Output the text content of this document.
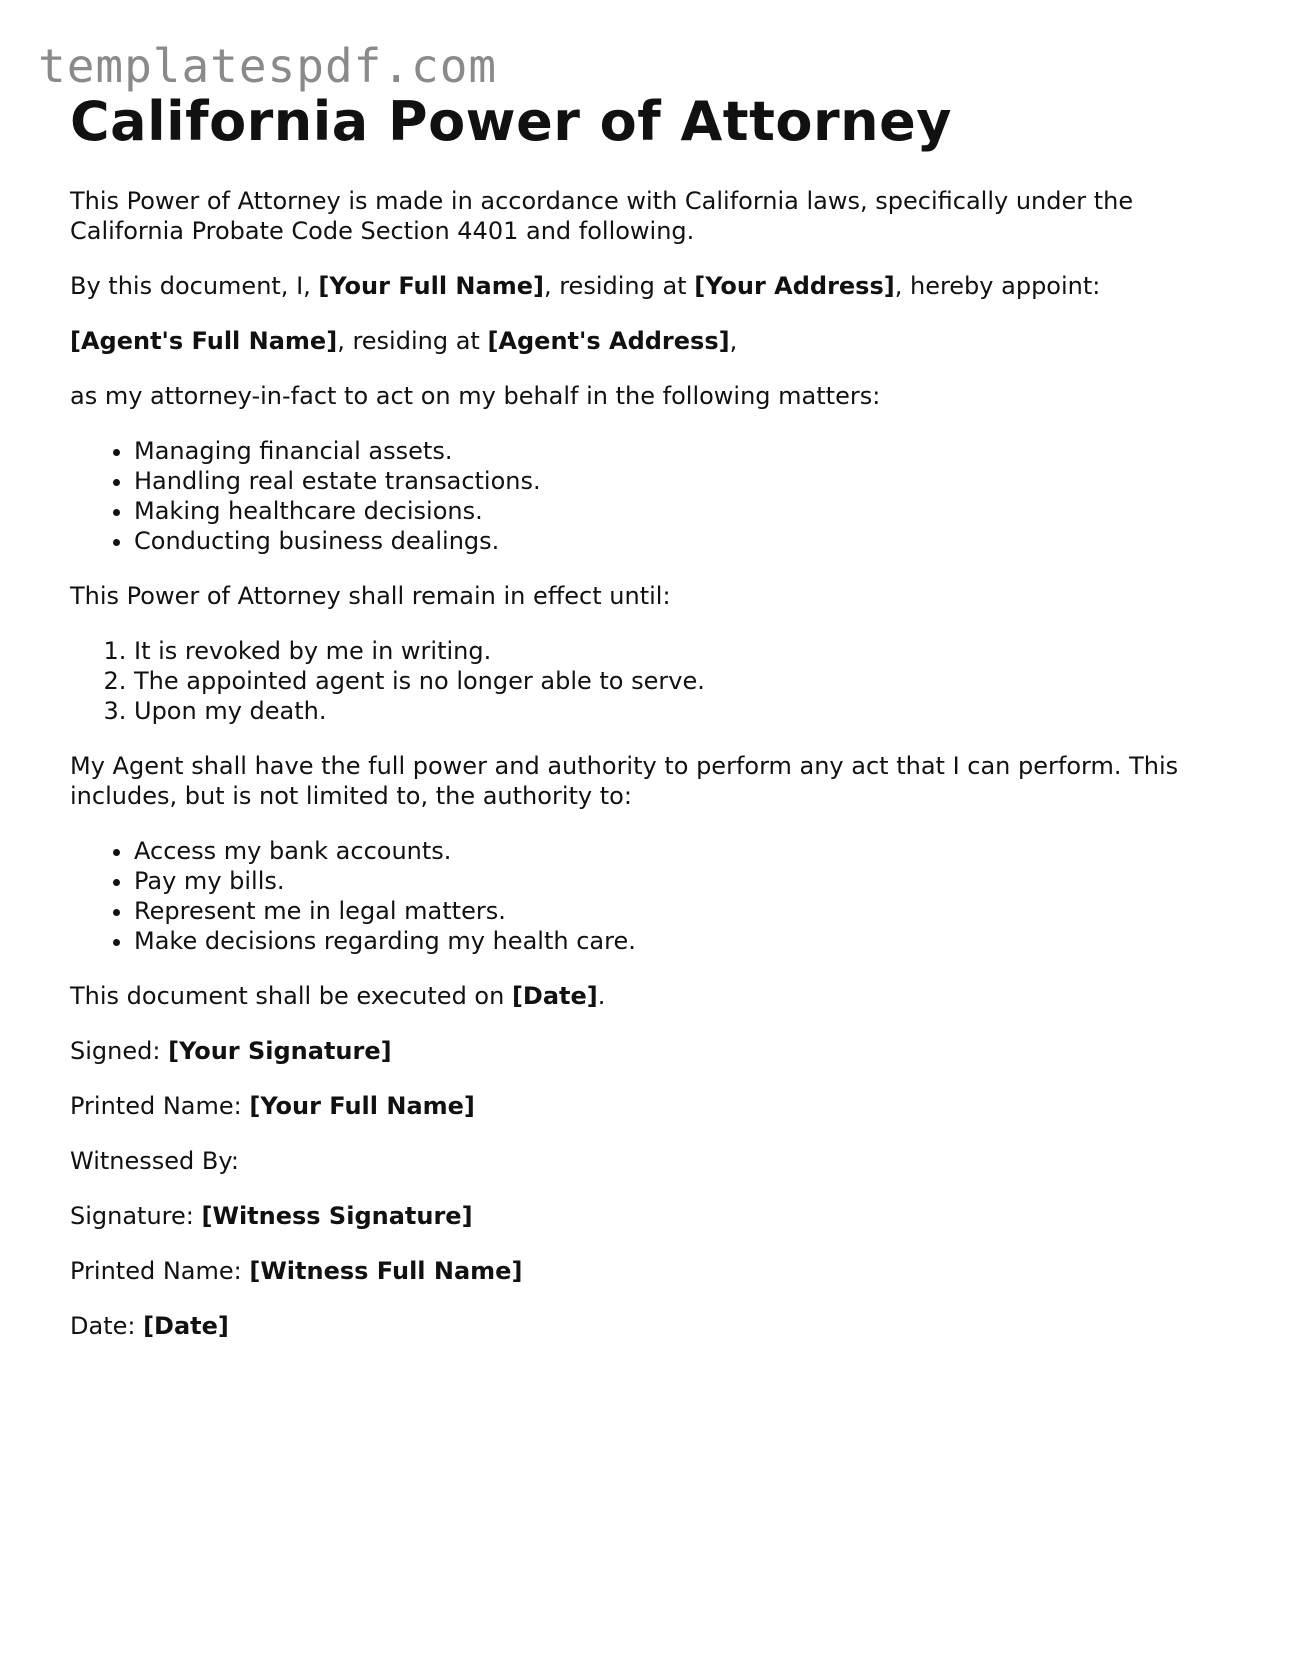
templatespdf.com
California Power of Attorney

This Power of Attorney is made in accordance with California laws, specifically under the California Probate Code Section 4401 and following.

By this document, I, [Your Full Name], residing at [Your Address], hereby appoint:

[Agent's Full Name], residing at [Agent's Address],

as my attorney-in-fact to act on my behalf in the following matters:

• Managing financial assets.
• Handling real estate transactions.
• Making healthcare decisions.
• Conducting business dealings.

This Power of Attorney shall remain in effect until:

1. It is revoked by me in writing.
2. The appointed agent is no longer able to serve.
3. Upon my death.

My Agent shall have the full power and authority to perform any act that I can perform. This includes, but is not limited to, the authority to:

• Access my bank accounts.
• Pay my bills.
• Represent me in legal matters.
• Make decisions regarding my health care.

This document shall be executed on [Date].

Signed: [Your Signature]

Printed Name: [Your Full Name]

Witnessed By:

Signature: [Witness Signature]

Printed Name: [Witness Full Name]

Date: [Date]
